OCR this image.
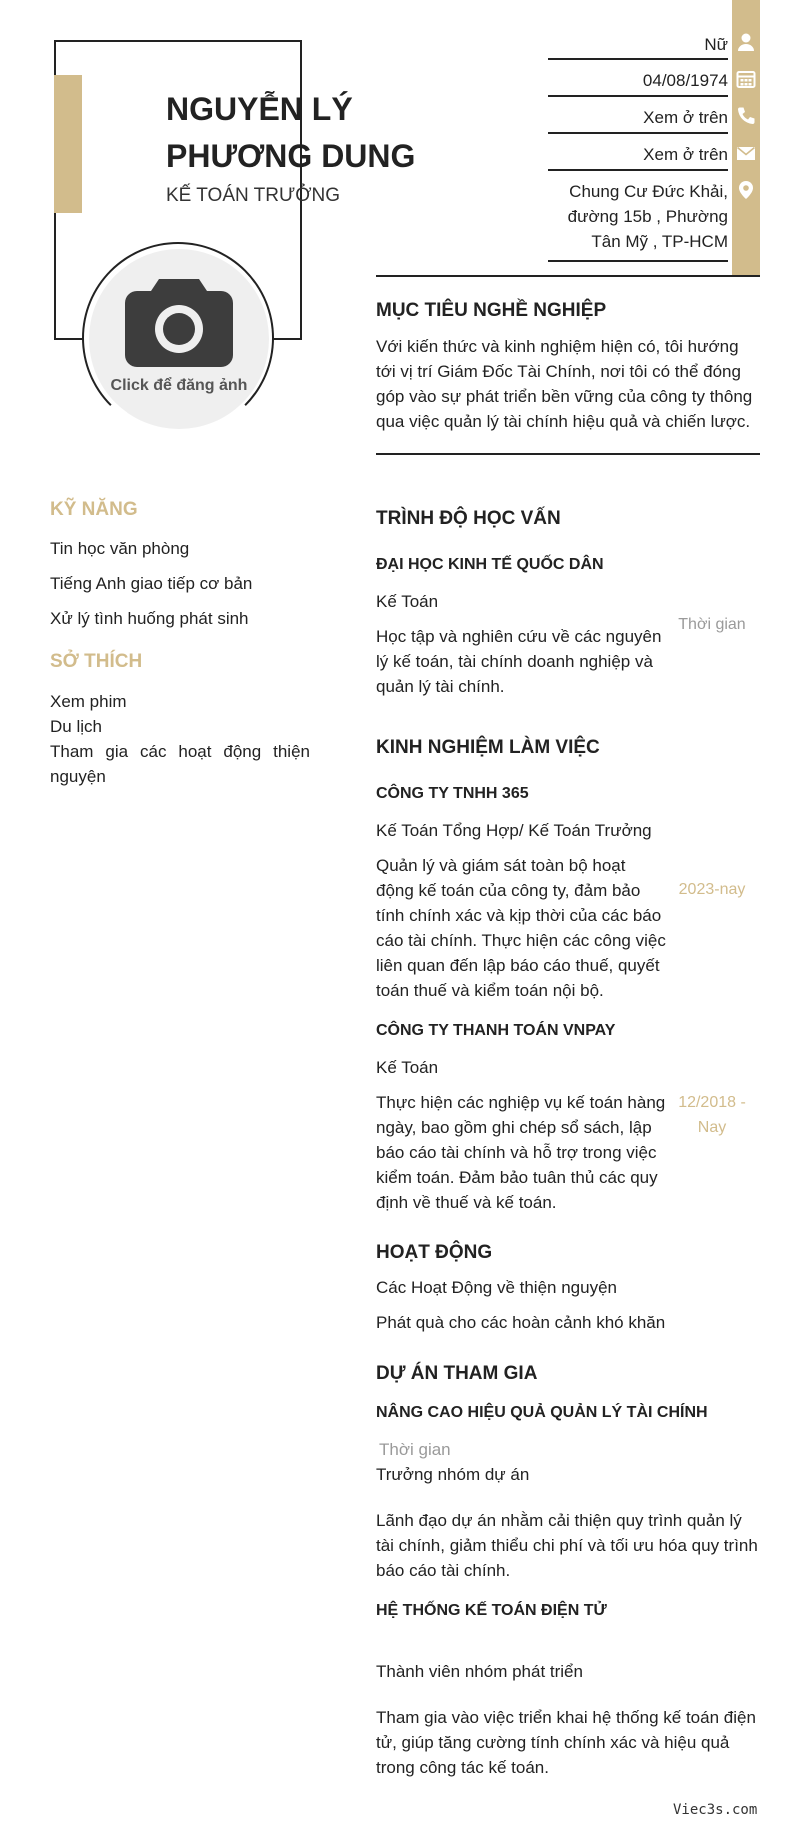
NGUYỄN LÝ PHƯƠNG DUNG
KẾ TOÁN TRƯỞNG
Click để đăng ảnh
Nữ
04/08/1974
Xem ở trên
Xem ở trên
Chung Cư Đức Khải, đường 15b , Phường Tân Mỹ , TP-HCM
MỤC TIÊU NGHỀ NGHIỆP
Với kiến thức và kinh nghiệm hiện có, tôi hướng tới vị trí Giám Đốc Tài Chính, nơi tôi có thể đóng góp vào sự phát triển bền vững của công ty thông qua việc quản lý tài chính hiệu quả và chiến lược.
TRÌNH ĐỘ HỌC VẤN
ĐẠI HỌC KINH TẾ QUỐC DÂN
Kế Toán
Học tập và nghiên cứu về các nguyên lý kế toán, tài chính doanh nghiệp và quản lý tài chính.
Thời gian
KINH NGHIỆM LÀM VIỆC
CÔNG TY TNHH 365
Kế Toán Tổng Hợp/ Kế Toán Trưởng
Quản lý và giám sát toàn bộ hoạt động kế toán của công ty, đảm bảo tính chính xác và kịp thời của các báo cáo tài chính. Thực hiện các công việc liên quan đến lập báo cáo thuế, quyết toán thuế và kiểm toán nội bộ.
2023-nay
CÔNG TY THANH TOÁN VNPAY
Kế Toán
Thực hiện các nghiệp vụ kế toán hàng ngày, bao gồm ghi chép sổ sách, lập báo cáo tài chính và hỗ trợ trong việc kiểm toán. Đảm bảo tuân thủ các quy định về thuế và kế toán.
12/2018 - Nay
HOẠT ĐỘNG
Các Hoạt Động về thiện nguyện
Phát quà cho các hoàn cảnh khó khăn
DỰ ÁN THAM GIA
NÂNG CAO HIỆU QUẢ QUẢN LÝ TÀI CHÍNH
Thời gian
Trưởng nhóm dự án
Lãnh đạo dự án nhằm cải thiện quy trình quản lý tài chính, giảm thiểu chi phí và tối ưu hóa quy trình báo cáo tài chính.
HỆ THỐNG KẾ TOÁN ĐIỆN TỬ
Thành viên nhóm phát triển
Tham gia vào việc triển khai hệ thống kế toán điện tử, giúp tăng cường tính chính xác và hiệu quả trong công tác kế toán.
KỸ NĂNG
Tin học văn phòng
Tiếng Anh giao tiếp cơ bản
Xử lý tình huống phát sinh
SỞ THÍCH
Xem phim
Du lịch
Tham gia các hoạt động thiện nguyện
Viec3s.com
